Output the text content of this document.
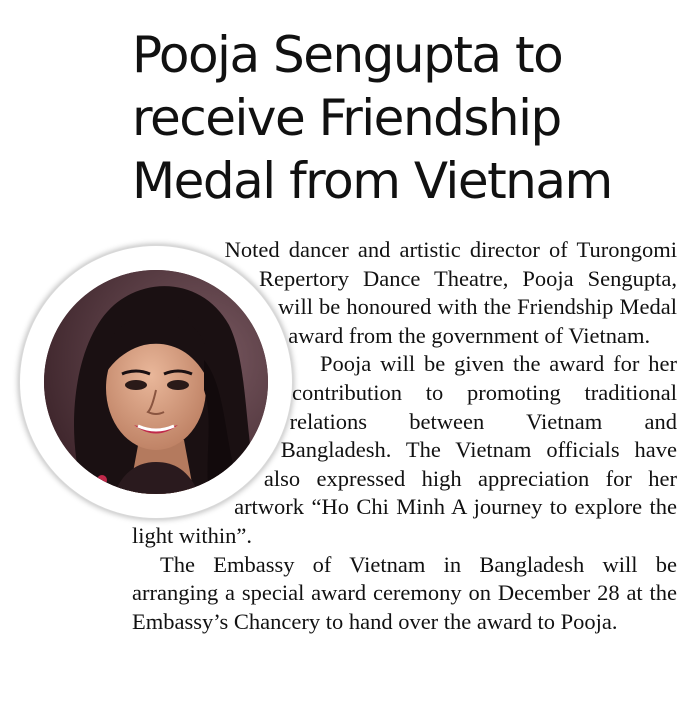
Pooja Sengupta to receive Friendship Medal from Vietnam

Noted dancer and artistic director of Turongomi Repertory Dance Theatre, Pooja Sengupta, will be honoured with the Friendship Medal award from the government of Vietnam.

Pooja will be given the award for her contribution to promoting traditional relations between Vietnam and Bangladesh. The Vietnam officials have also expressed high appreciation for her artwork “Ho Chi Minh A journey to explore the light within”.

The Embassy of Vietnam in Bangladesh will be arranging a special award ceremony on December 28 at the Embassy’s Chancery to hand over the award to Pooja.
